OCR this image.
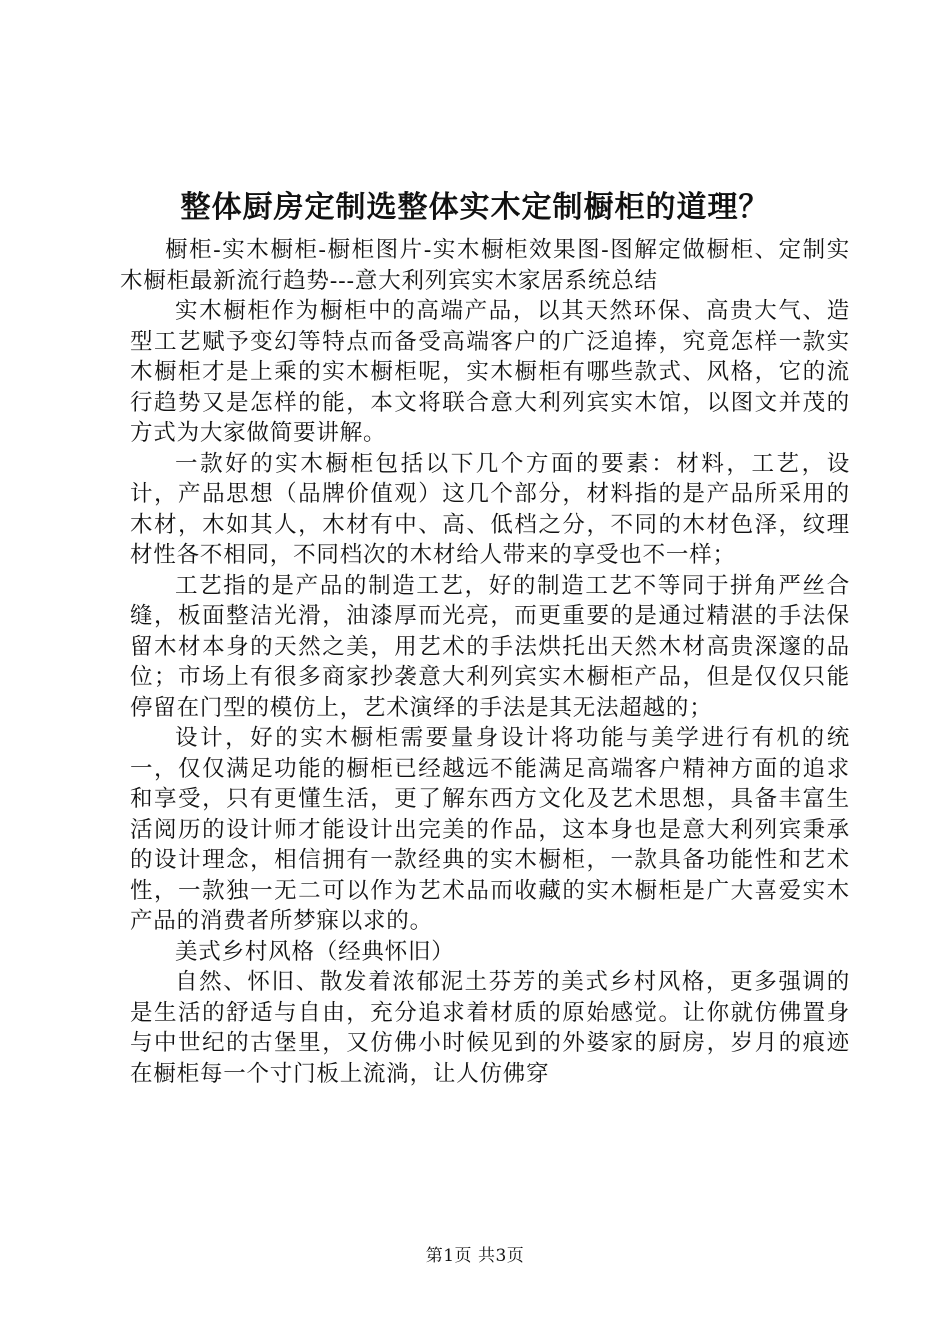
整体厨房定制选整体实木定制橱柜的道理？

橱柜-实木橱柜-橱柜图片-实木橱柜效果图-图解定做橱柜、定制实木橱柜最新流行趋势---意大利列宾实木家居系统总结

实木橱柜作为橱柜中的高端产品，以其天然环保、高贵大气、造型工艺赋予变幻等特点而备受高端客户的广泛追捧，究竟怎样一款实木橱柜才是上乘的实木橱柜呢，实木橱柜有哪些款式、风格，它的流行趋势又是怎样的能，本文将联合意大利列宾实木馆，以图文并茂的方式为大家做简要讲解。

一款好的实木橱柜包括以下几个方面的要素：材料，工艺，设计，产品思想（品牌价值观）这几个部分，材料指的是产品所采用的木材，木如其人，木材有中、高、低档之分，不同的木材色泽，纹理材性各不相同，不同档次的木材给人带来的享受也不一样；

工艺指的是产品的制造工艺，好的制造工艺不等同于拼角严丝合缝，板面整洁光滑，油漆厚而光亮，而更重要的是通过精湛的手法保留木材本身的天然之美，用艺术的手法烘托出天然木材高贵深邃的品位；市场上有很多商家抄袭意大利列宾实木橱柜产品，但是仅仅只能停留在门型的模仿上，艺术演绎的手法是其无法超越的；

设计，好的实木橱柜需要量身设计将功能与美学进行有机的统一，仅仅满足功能的橱柜已经越远不能满足高端客户精神方面的追求和享受，只有更懂生活，更了解东西方文化及艺术思想，具备丰富生活阅历的设计师才能设计出完美的作品，这本身也是意大利列宾秉承的设计理念，相信拥有一款经典的实木橱柜，一款具备功能性和艺术性，一款独一无二可以作为艺术品而收藏的实木橱柜是广大喜爱实木产品的消费者所梦寐以求的。

美式乡村风格（经典怀旧）

自然、怀旧、散发着浓郁泥土芬芳的美式乡村风格，更多强调的是生活的舒适与自由，充分追求着材质的原始感觉。让你就仿佛置身与中世纪的古堡里，又仿佛小时候见到的外婆家的厨房，岁月的痕迹在橱柜每一个寸门板上流淌，让人仿佛穿

第1页 共3页
